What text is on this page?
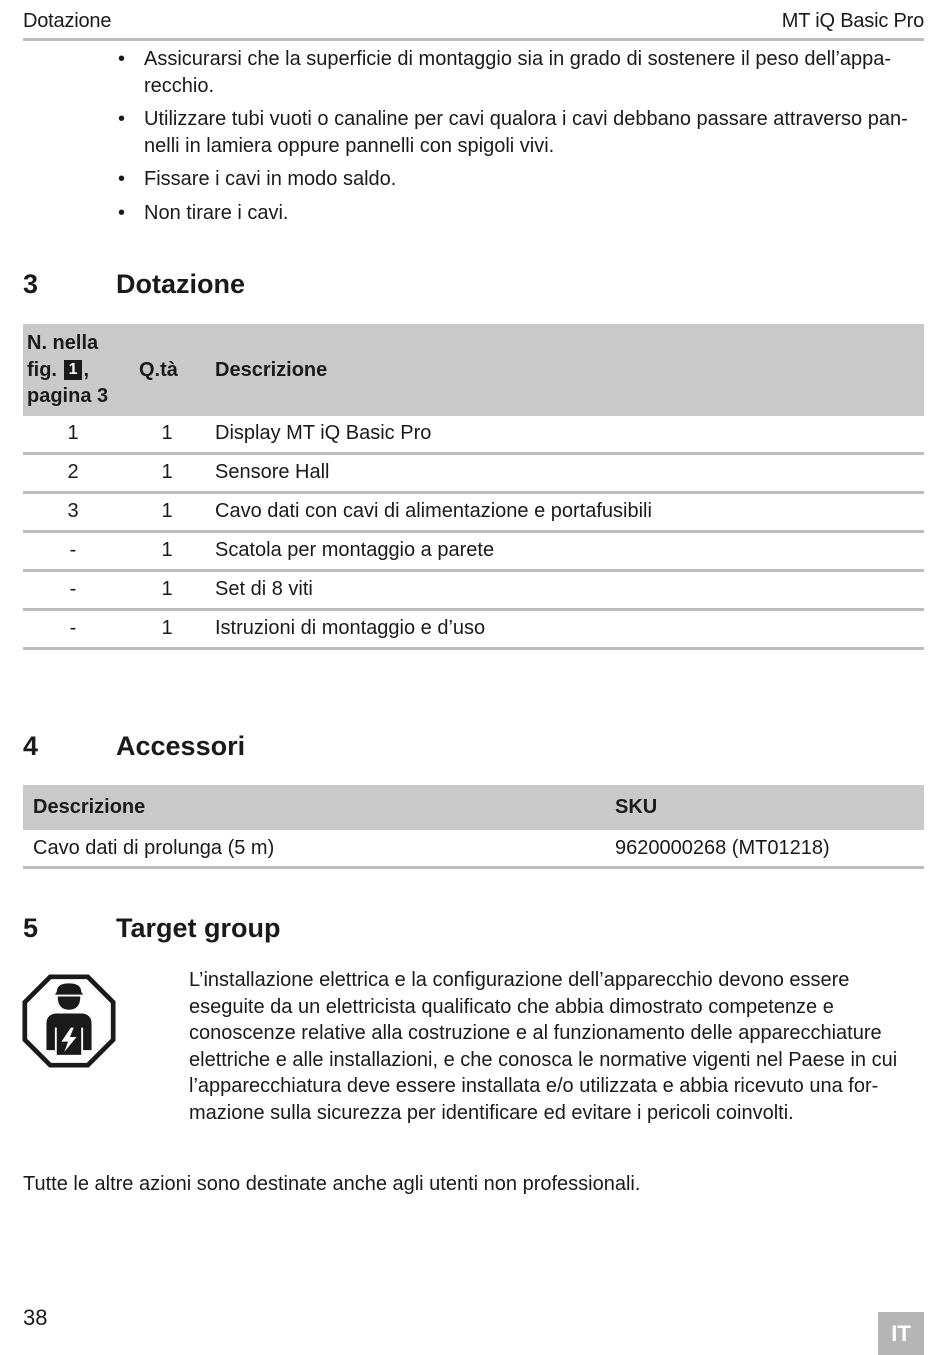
Dotazione	MT iQ Basic Pro
• Assicurarsi che la superficie di montaggio sia in grado di sostenere il peso dell’appa-recchio.
• Utilizzare tubi vuoti o canaline per cavi qualora i cavi debbano passare attraverso pan-nelli in lamiera oppure pannelli con spigoli vivi.
• Fissare i cavi in modo saldo.
• Non tirare i cavi.
3	Dotazione
N. nella fig. 1 , pagina 3	Q.tà	Descrizione
1	1	Display MT iQ Basic Pro
2	1	Sensore Hall
3	1	Cavo dati con cavi di alimentazione e portafusibili
-	1	Scatola per montaggio a parete
-	1	Set di 8 viti
-	1	Istruzioni di montaggio e d’uso
4	Accessori
Descrizione	SKU
Cavo dati di prolunga (5 m)	9620000268 (MT01218)
5	Target group

L’installazione elettrica e la configurazione dell’apparecchio devono essere eseguite da un elettricista qualificato che abbia dimostrato competenze e conoscenze relative alla costruzione e al funzionamento delle apparecchiature elettriche e alle installazioni, e che conosca le normative vigenti nel Paese in cui l’apparecchiatura deve essere installata e/o utilizzata e abbia ricevuto una for-mazione sulla sicurezza per identificare ed evitare i pericoli coinvolti.

Tutte le altre azioni sono destinate anche agli utenti non professionali.

38
IT
